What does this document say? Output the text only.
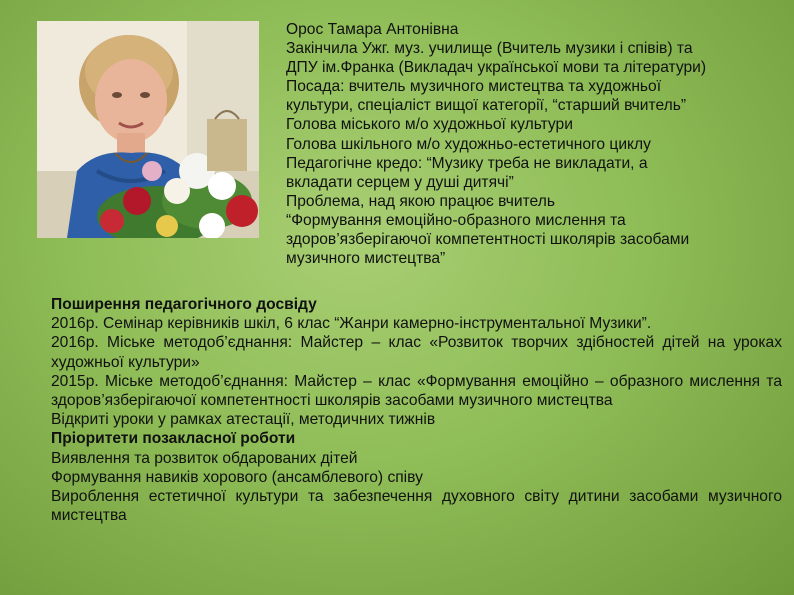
Орос Тамара Антонівна
Закінчила Ужг. муз. училище (Вчитель музики і співів) та
ДПУ ім.Франка (Викладач української мови та літератури)
Посада: вчитель музичного мистецтва та художньої
культури, спеціаліст вищої категорії, “старший вчитель”
Голова міського м/о художньої культури
Голова шкільного м/о художньо-естетичного циклу
Педагогічне кредо: “Музику треба не викладати, а
вкладати серцем у душі дитячі”
Проблема, над якою працює вчитель
“Формування емоційно-образного мислення та
здоров’язберігаючої компетентності школярів засобами
музичного мистецтва”
Поширення педагогічного досвіду
2016р. Семінар керівників шкіл, 6 клас “Жанри камерно-інструментальної Музики”.
2016р. Міське методоб’єднання: Майстер – клас «Розвиток творчих здібностей дітей на уроках художньої культури»
2015р. Міське методоб’єднання: Майстер – клас «Формування емоційно – образного мислення та здоров’язберігаючої компетентності школярів засобами музичного мистецтва
Відкриті уроки у рамках атестації, методичних тижнів
Пріоритети позакласної роботи
Виявлення та розвиток обдарованих дітей
Формування навиків хорового (ансамблевого) співу
Вироблення естетичної культури та забезпечення духовного світу дитини засобами музичного мистецтва
